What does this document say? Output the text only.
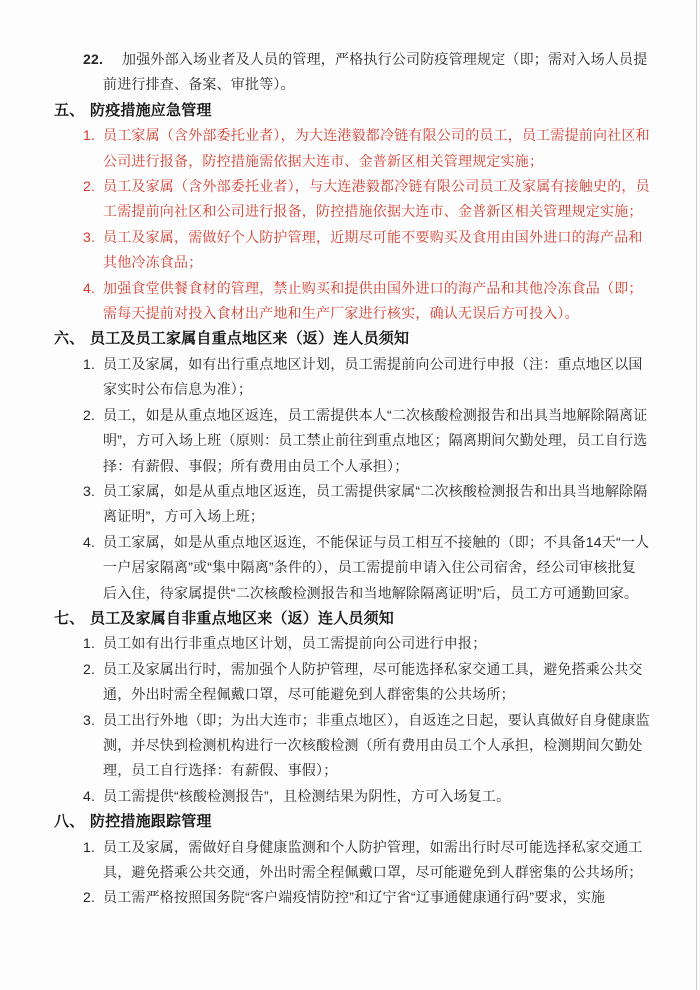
22. 加强外部入场业者及人员的管理，严格执行公司防疫管理规定（即；需对入场人员提前进行排查、备案、审批等）。
五、 防疫措施应急管理
1. 员工家属（含外部委托业者），为大连港毅都冷链有限公司的员工，员工需提前向社区和公司进行报备，防控措施需依据大连市、金普新区相关管理规定实施；
2. 员工及家属（含外部委托业者），与大连港毅都冷链有限公司员工及家属有接触史的，员工需提前向社区和公司进行报备，防控措施依据大连市、金普新区相关管理规定实施；
3. 员工及家属，需做好个人防护管理，近期尽可能不要购买及食用由国外进口的海产品和其他冷冻食品；
4. 加强食堂供餐食材的管理，禁止购买和提供由国外进口的海产品和其他冷冻食品（即；需每天提前对投入食材出产地和生产厂家进行核实，确认无误后方可投入）。
六、 员工及员工家属自重点地区来（返）连人员须知
1. 员工及家属，如有出行重点地区计划，员工需提前向公司进行申报（注：重点地区以国家实时公布信息为准）；
2. 员工，如是从重点地区返连，员工需提供本人“二次核酸检测报告和出具当地解除隔离证明”，方可入场上班（原则：员工禁止前往到重点地区；隔离期间欠勤处理，员工自行选择：有薪假、事假；所有费用由员工个人承担）；
3. 员工家属，如是从重点地区返连，员工需提供家属“二次核酸检测报告和出具当地解除隔离证明”，方可入场上班；
4. 员工家属，如是从重点地区返连，不能保证与员工相互不接触的（即；不具备14天“一人一户居家隔离”或“集中隔离”条件的），员工需提前申请入住公司宿舍，经公司审核批复后入住，待家属提供“二次核酸检测报告和当地解除隔离证明”后，员工方可通勤回家。
七、 员工及家属自非重点地区来（返）连人员须知
1. 员工如有出行非重点地区计划，员工需提前向公司进行申报；
2. 员工及家属出行时，需加强个人防护管理，尽可能选择私家交通工具，避免搭乘公共交通，外出时需全程佩戴口罩，尽可能避免到人群密集的公共场所；
3. 员工出行外地（即；为出大连市；非重点地区），自返连之日起，要认真做好自身健康监测，并尽快到检测机构进行一次核酸检测（所有费用由员工个人承担，检测期间欠勤处理，员工自行选择：有薪假、事假）；
4. 员工需提供“核酸检测报告”，且检测结果为阴性，方可入场复工。
八、 防控措施跟踪管理
1. 员工及家属，需做好自身健康监测和个人防护管理，如需出行时尽可能选择私家交通工具，避免搭乘公共交通，外出时需全程佩戴口罩，尽可能避免到人群密集的公共场所；
2. 员工需严格按照国务院“客户端疫情防控”和辽宁省“辽事通健康通行码”要求，实施
